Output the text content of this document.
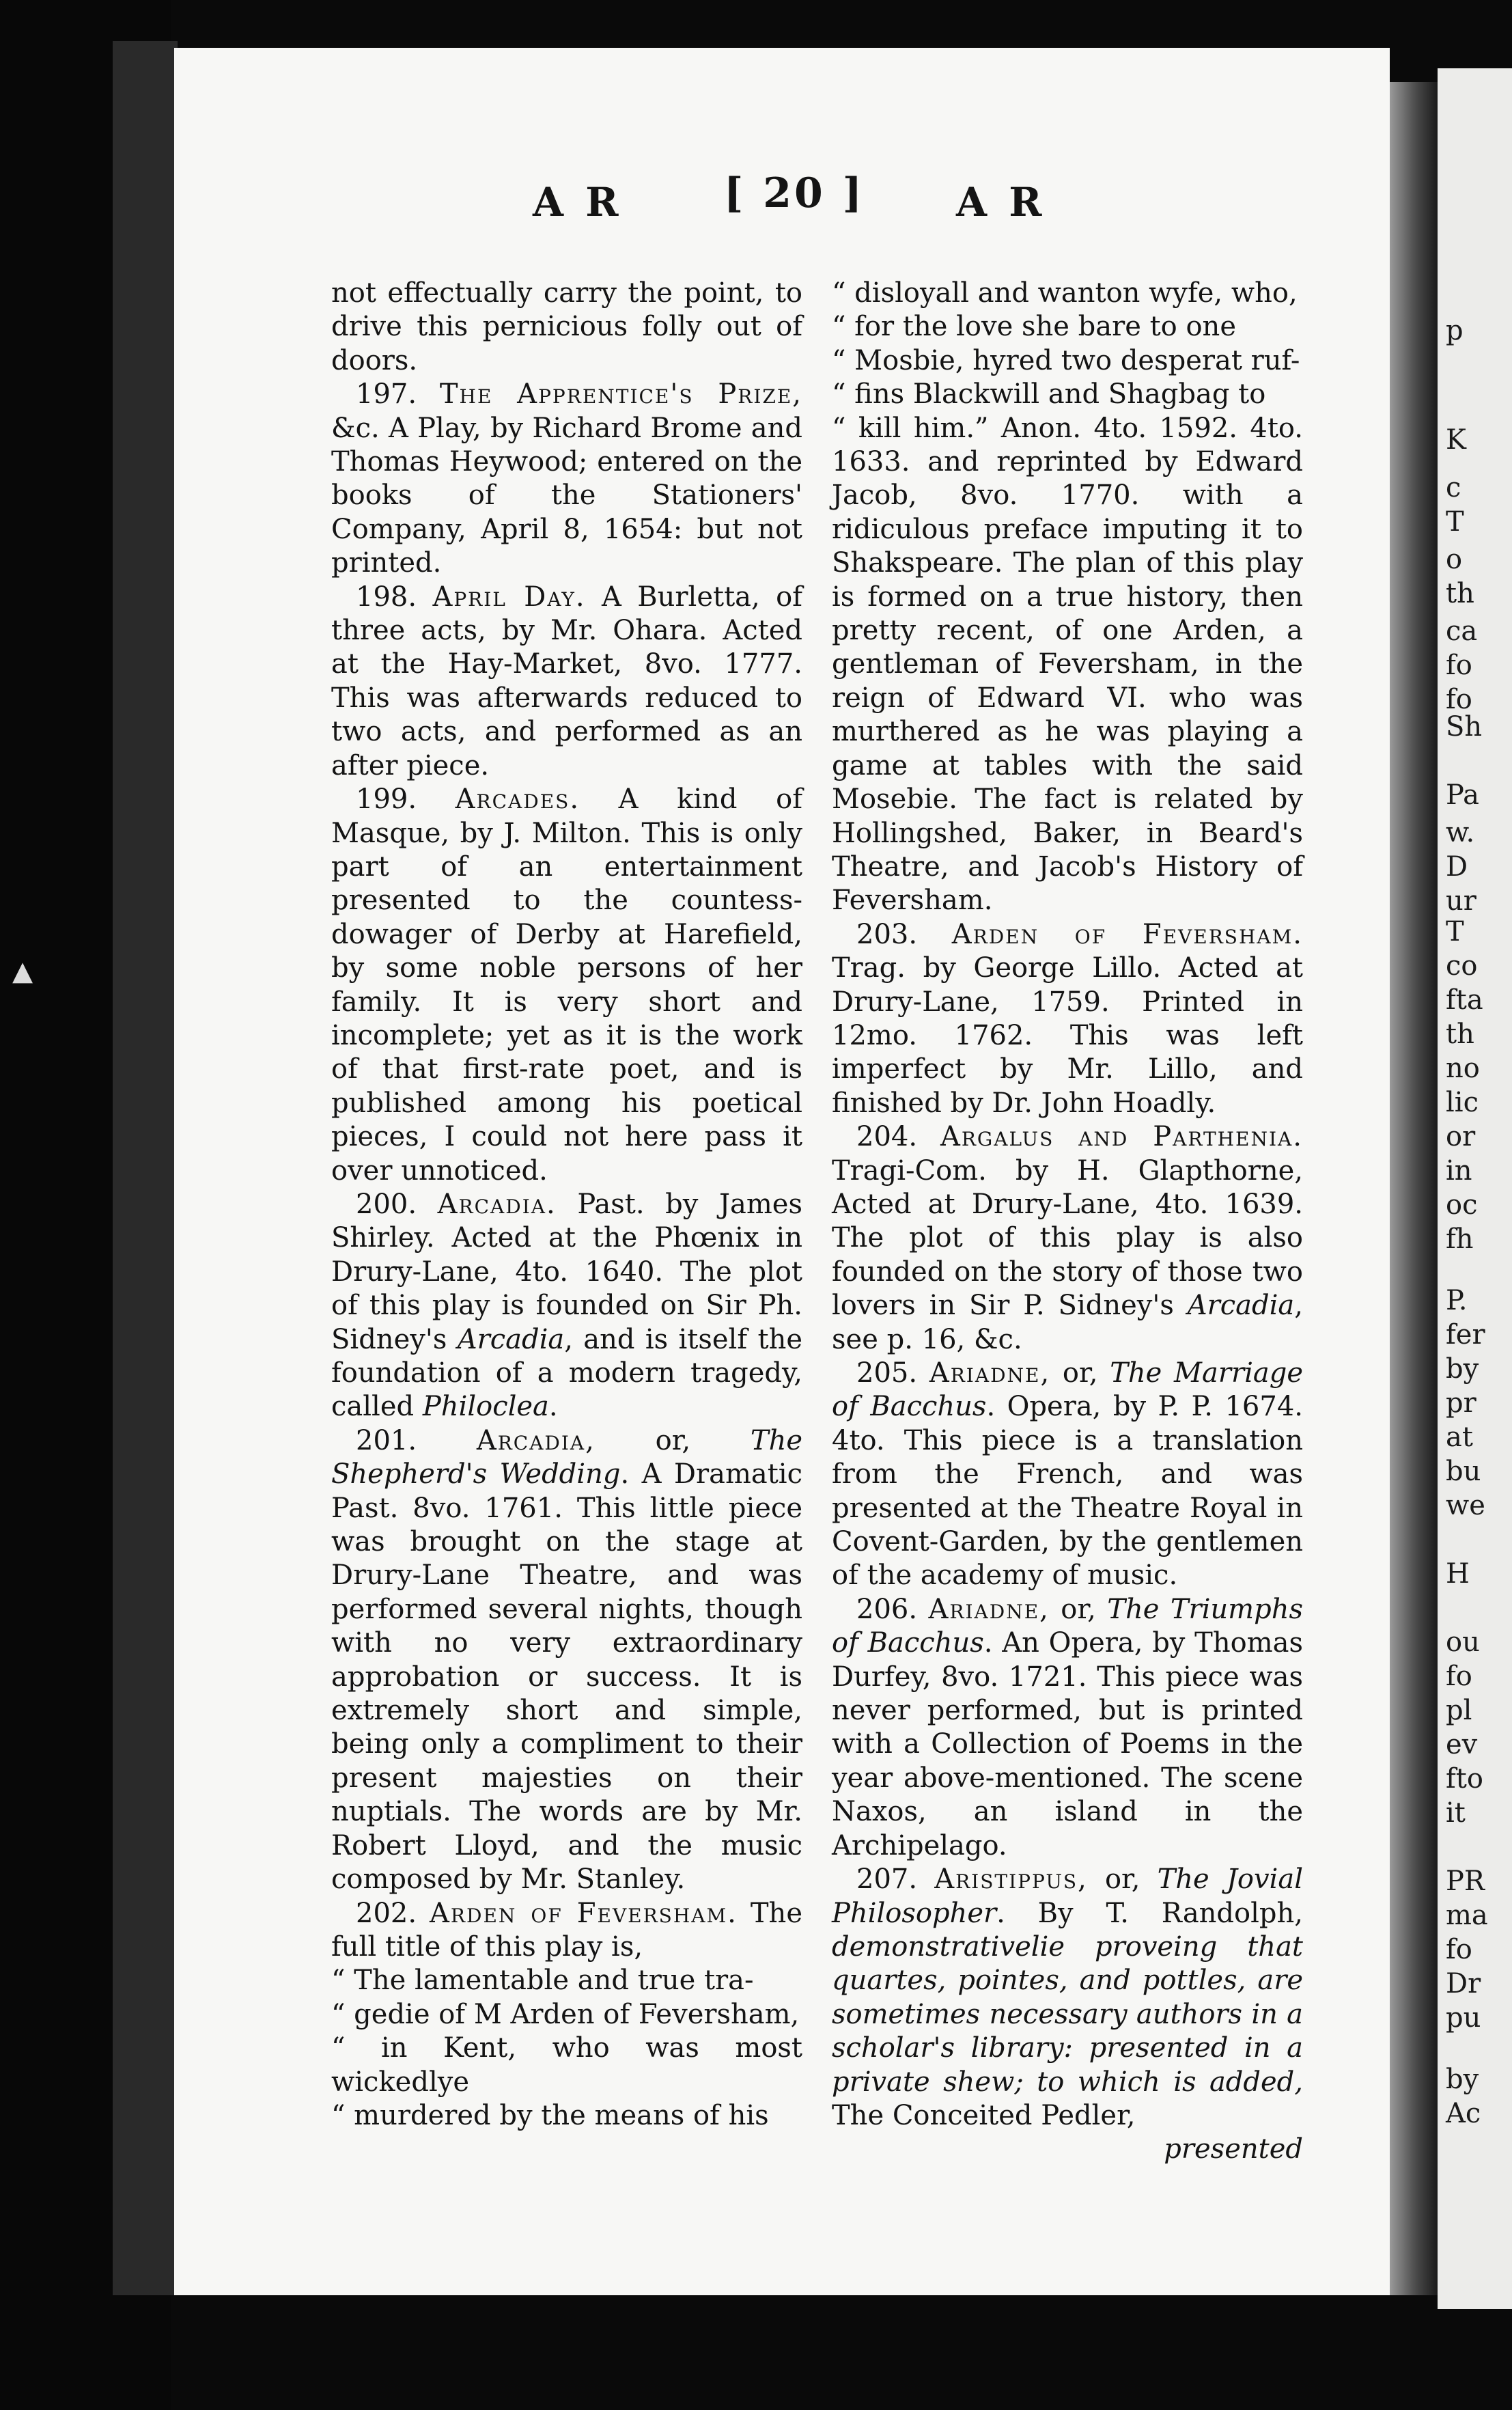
▴
p
K
c
T
o
th
ca
fo
fo
Sh
Pa
w.
D
ur
T
co
fta
th
no
lic
or
in
oc
fh
P.
fer
by
pr
at
bu
we
H
ou
fo
pl
ev
fto
it
PR
ma
fo
Dr
pu
by
Ac
A R [ 20 ] A R

not effectually carry the point, to drive this pernicious folly out of doors.

197. The Apprentice's Prize, &c. A Play, by Richard Brome and Thomas Heywood; entered on the books of the Stationers' Company, April 8, 1654: but not printed.

198. April Day. A Burletta, of three acts, by Mr. Ohara. Acted at the Hay-Market, 8vo. 1777. This was afterwards reduced to two acts, and performed as an after piece.

199. Arcades. A kind of Masque, by J. Milton. This is only part of an entertainment presented to the countess-dowager of Derby at Harefield, by some noble persons of her family. It is very short and incomplete; yet as it is the work of that first-rate poet, and is published among his poetical pieces, I could not here pass it over unnoticed.

200. Arcadia. Past. by James Shirley. Acted at the Phœnix in Drury-Lane, 4to. 1640. The plot of this play is founded on Sir Ph. Sidney's Arcadia, and is itself the foundation of a modern tragedy, called Philoclea.

201. Arcadia, or, The Shepherd's Wedding. A Dramatic Past. 8vo. 1761. This little piece was brought on the stage at Drury-Lane Theatre, and was performed several nights, though with no very extraordinary approbation or success. It is extremely short and simple, being only a compliment to their present majesties on their nuptials. The words are by Mr. Robert Lloyd, and the music composed by Mr. Stanley.

202. Arden of Feversham. The full title of this play is,

“ The lamentable and true tra-
“ gedie of M Arden of Feversham,
“ in Kent, who was most wickedlye
“ murdered by the means of his
“ disloyall and wanton wyfe, who,
“ for the love she bare to one
“ Mosbie, hyred two desperat ruf-
“ fins Blackwill and Shagbag to

“ kill him.” Anon. 4to. 1592. 4to. 1633. and reprinted by Edward Jacob, 8vo. 1770. with a ridiculous preface imputing it to Shakspeare. The plan of this play is formed on a true history, then pretty recent, of one Arden, a gentleman of Feversham, in the reign of Edward VI. who was murthered as he was playing a game at tables with the said Mosebie. The fact is related by Hollingshed, Baker, in Beard's Theatre, and Jacob's History of Feversham.

203. Arden of Feversham. Trag. by George Lillo. Acted at Drury-Lane, 1759. Printed in 12mo. 1762. This was left imperfect by Mr. Lillo, and finished by Dr. John Hoadly.

204. Argalus and Parthenia. Tragi-Com. by H. Glapthorne, Acted at Drury-Lane, 4to. 1639. The plot of this play is also founded on the story of those two lovers in Sir P. Sidney's Arcadia, see p. 16, &c.

205. Ariadne, or, The Marriage of Bacchus. Opera, by P. P. 1674. 4to. This piece is a translation from the French, and was presented at the Theatre Royal in Covent-Garden, by the gentlemen of the academy of music.

206. Ariadne, or, The Triumphs of Bacchus. An Opera, by Thomas Durfey, 8vo. 1721. This piece was never performed, but is printed with a Collection of Poems in the year above-mentioned. The scene Naxos, an island in the Archipelago.

207. Aristippus, or, The Jovial Philosopher. By T. Randolph, demonstrativelie proveing that quartes, pointes, and pottles, are sometimes necessary authors in a scholar's library: presented in a private shew; to which is added, The Conceited Pedler,

presented
